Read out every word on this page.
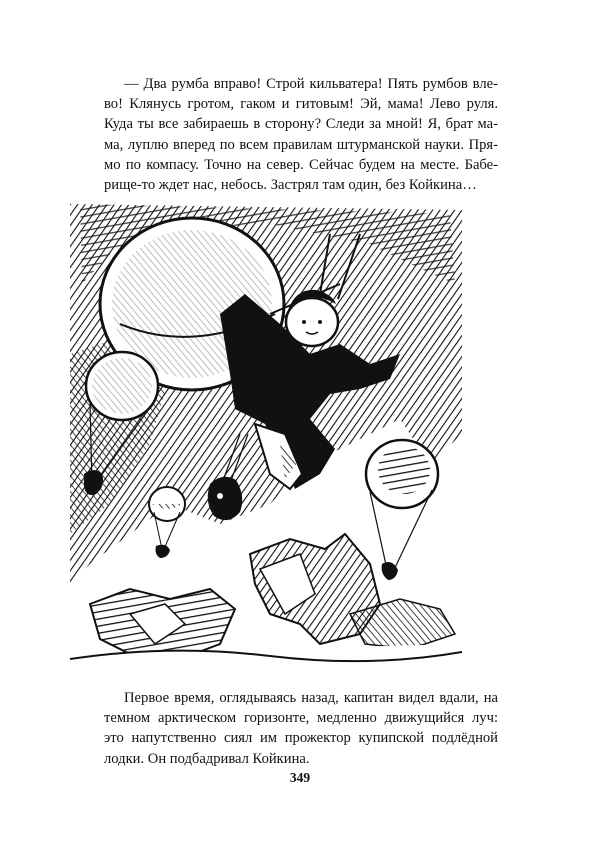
— Два румба вправо! Строй кильватера! Пять румбов вле-
во! Клянусь гротом, гаком и гитовым! Эй, мама! Лево руля.
Куда ты все забираешь в сторону? Следи за мной! Я, брат ма-
ма, луплю вперед по всем правилам штурманской науки. Пря-
мо по компасу. Точно на север. Сейчас будем на месте. Бабе-
рище-то ждет нас, небось. Застрял там один, без Койкина…
Первое время, оглядываясь назад, капитан видел вдали, на
темном арктическом горизонте, медленно движущийся луч:
это напутственно сиял им прожектор купипской подлёдной
лодки. Он подбадривал Койкина.
349
